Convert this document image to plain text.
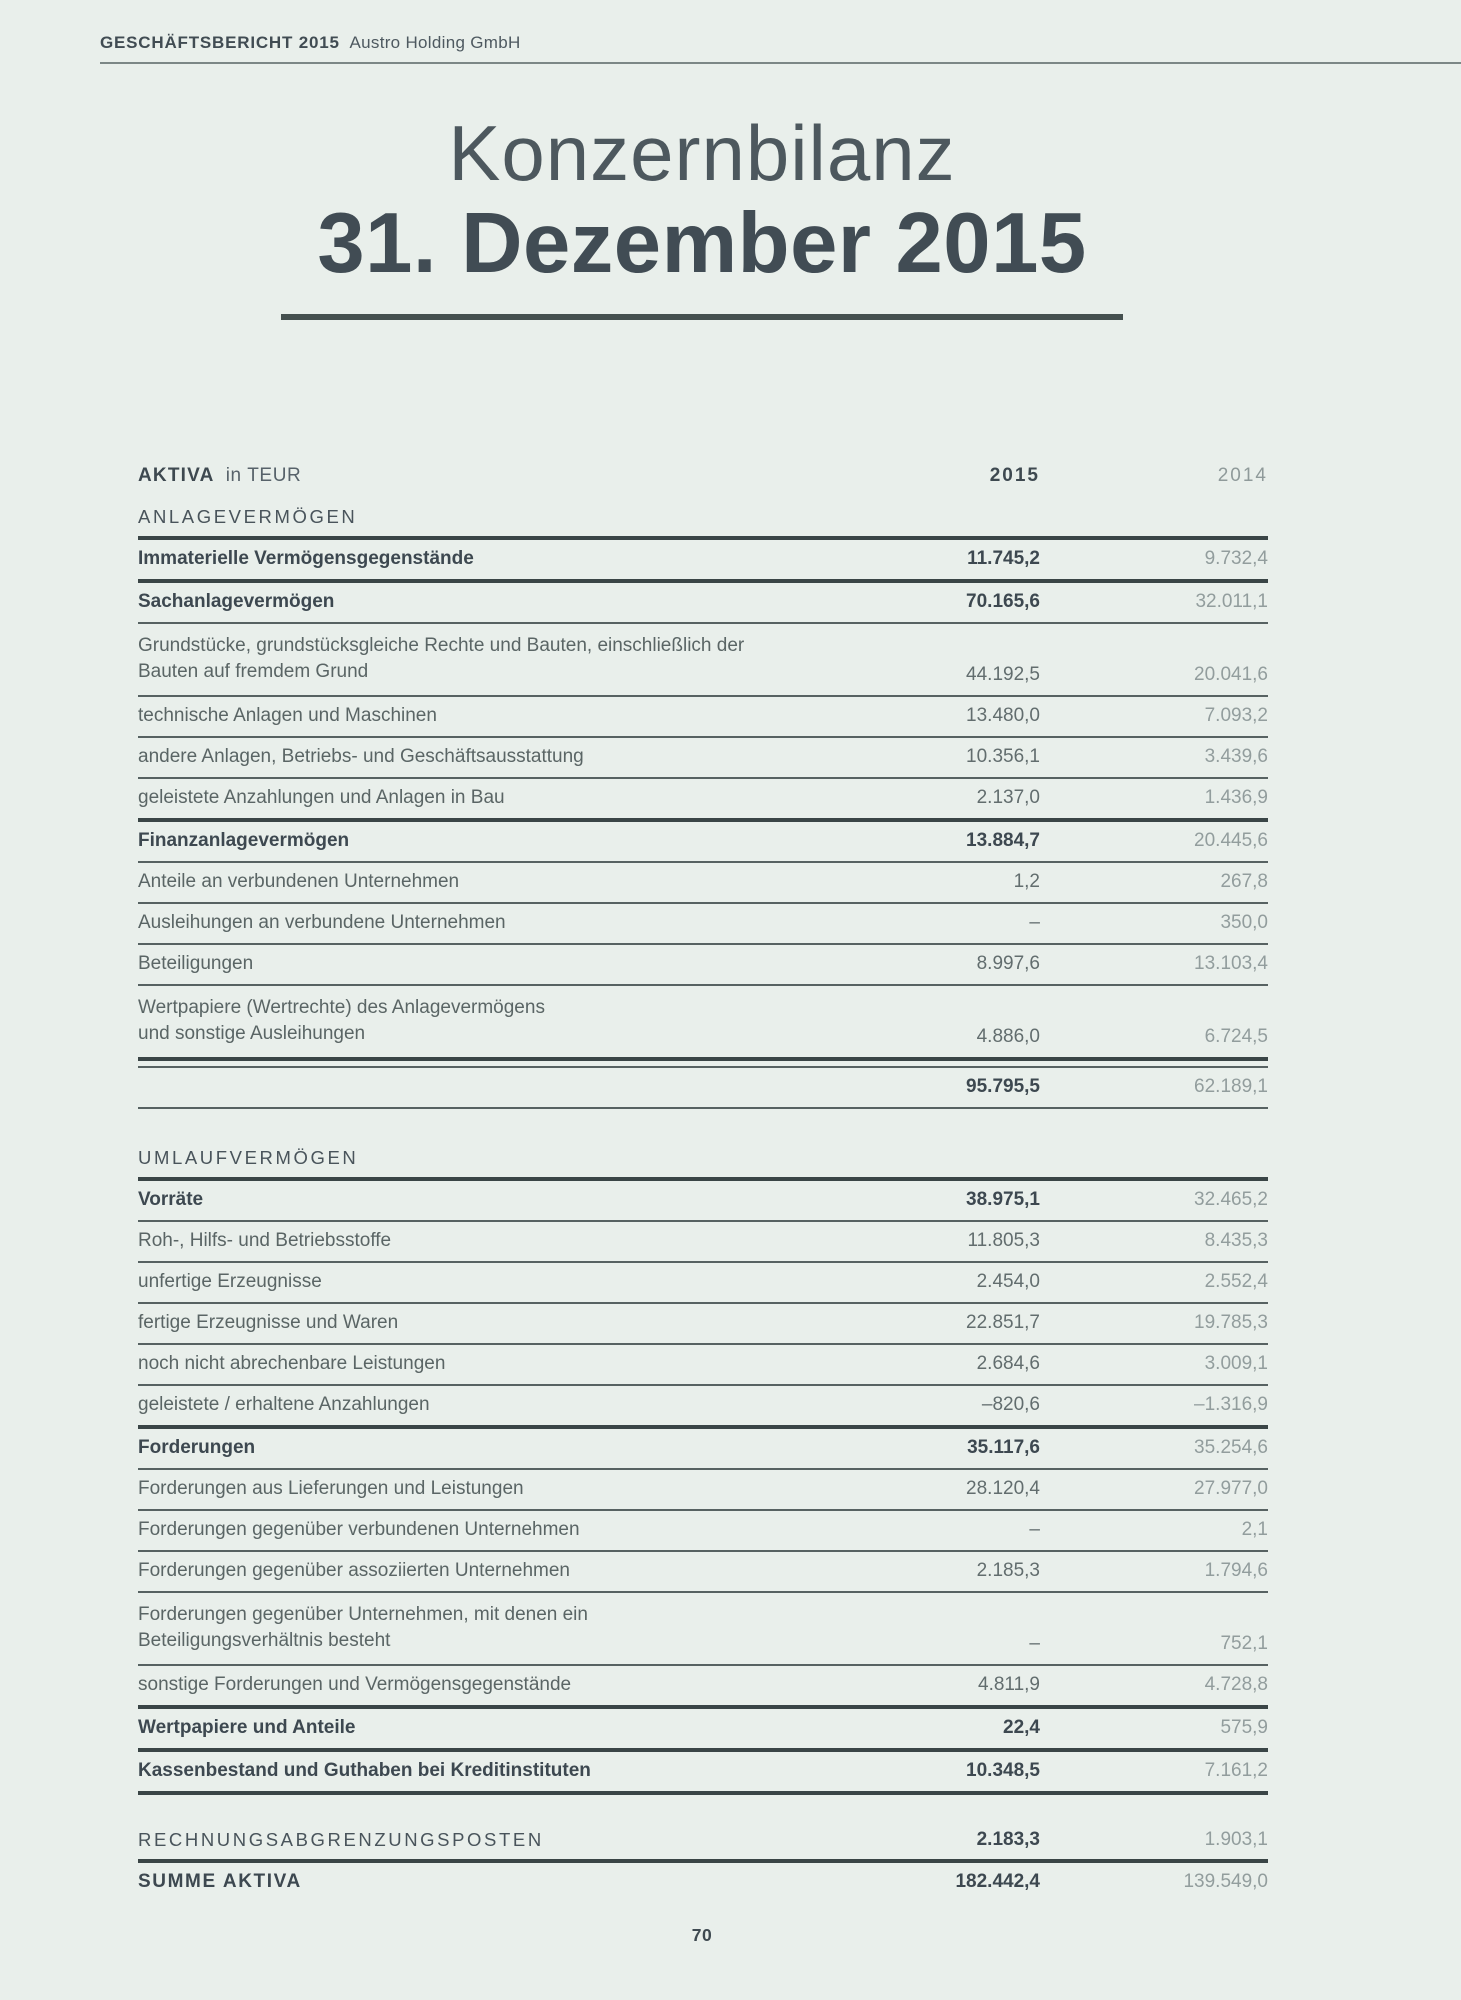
GESCHÄFTSBERICHT 2015 Austro Holding GmbH
Konzernbilanz
31. Dezember 2015
AKTIVA in TEUR	2015	2014
ANLAGEVERMÖGEN
Immaterielle Vermögensgegenstände	11.745,2	9.732,4
Sachanlagevermögen	70.165,6	32.011,1
Grundstücke, grundstücksgleiche Rechte und Bauten, einschließlich der
Bauten auf fremdem Grund	44.192,5	20.041,6
technische Anlagen und Maschinen	13.480,0	7.093,2
andere Anlagen, Betriebs- und Geschäftsausstattung	10.356,1	3.439,6
geleistete Anzahlungen und Anlagen in Bau	2.137,0	1.436,9
Finanzanlagevermögen	13.884,7	20.445,6
Anteile an verbundenen Unternehmen	1,2	267,8
Ausleihungen an verbundene Unternehmen	–	350,0
Beteiligungen	8.997,6	13.103,4
Wertpapiere (Wertrechte) des Anlagevermögens
und sonstige Ausleihungen	4.886,0	6.724,5
95.795,5	62.189,1
UMLAUFVERMÖGEN
Vorräte	38.975,1	32.465,2
Roh-, Hilfs- und Betriebsstoffe	11.805,3	8.435,3
unfertige Erzeugnisse	2.454,0	2.552,4
fertige Erzeugnisse und Waren	22.851,7	19.785,3
noch nicht abrechenbare Leistungen	2.684,6	3.009,1
geleistete / erhaltene Anzahlungen	–820,6	–1.316,9
Forderungen	35.117,6	35.254,6
Forderungen aus Lieferungen und Leistungen	28.120,4	27.977,0
Forderungen gegenüber verbundenen Unternehmen	–	2,1
Forderungen gegenüber assoziierten Unternehmen	2.185,3	1.794,6
Forderungen gegenüber Unternehmen, mit denen ein
Beteiligungsverhältnis besteht	–	752,1
sonstige Forderungen und Vermögensgegenstände	4.811,9	4.728,8
Wertpapiere und Anteile	22,4	575,9
Kassenbestand und Guthaben bei Kreditinstituten	10.348,5	7.161,2
RECHNUNGSABGRENZUNGSPOSTEN	2.183,3	1.903,1
SUMME AKTIVA	182.442,4	139.549,0
70
